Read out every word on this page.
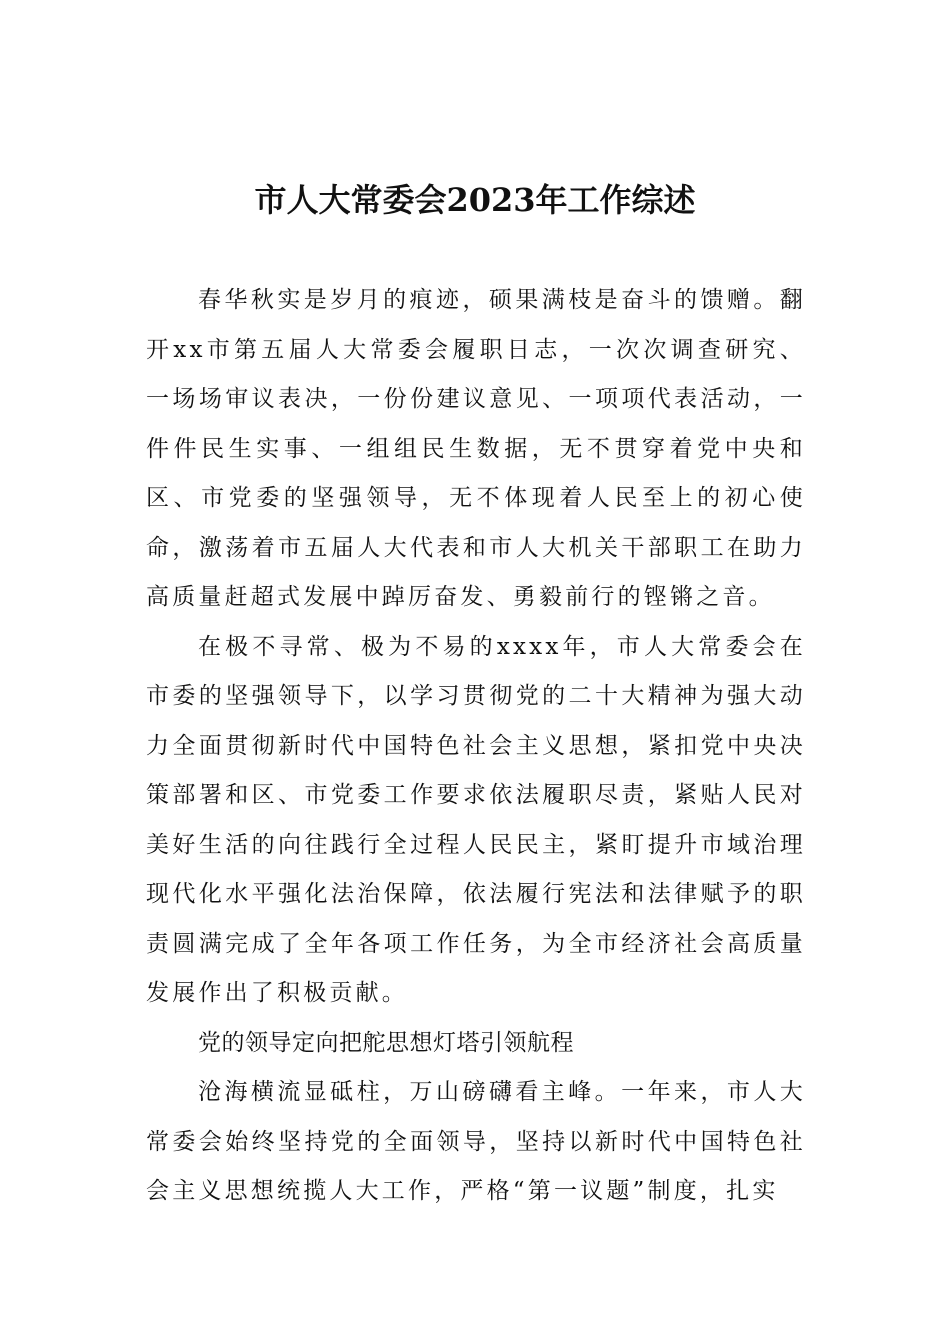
市人大常委会2023年工作综述

春华秋实是岁月的痕迹，硕果满枝是奋斗的馈赠。翻开xx市第五届人大常委会履职日志，一次次调查研究、一场场审议表决，一份份建议意见、一项项代表活动，一件件民生实事、一组组民生数据，无不贯穿着党中央和区、市党委的坚强领导，无不体现着人民至上的初心使命，激荡着市五届人大代表和市人大机关干部职工在助力高质量赶超式发展中踔厉奋发、勇毅前行的铿锵之音。

在极不寻常、极为不易的xxxx年，市人大常委会在市委的坚强领导下，以学习贯彻党的二十大精神为强大动力全面贯彻新时代中国特色社会主义思想，紧扣党中央决策部署和区、市党委工作要求依法履职尽责，紧贴人民对美好生活的向往践行全过程人民民主，紧盯提升市域治理现代化水平强化法治保障，依法履行宪法和法律赋予的职责圆满完成了全年各项工作任务，为全市经济社会高质量发展作出了积极贡献。

党的领导定向把舵思想灯塔引领航程

沧海横流显砥柱，万山磅礴看主峰。一年来，市人大常委会始终坚持党的全面领导，坚持以新时代中国特色社会主义思想统揽人大工作，严格“第一议题”制度，扎实
